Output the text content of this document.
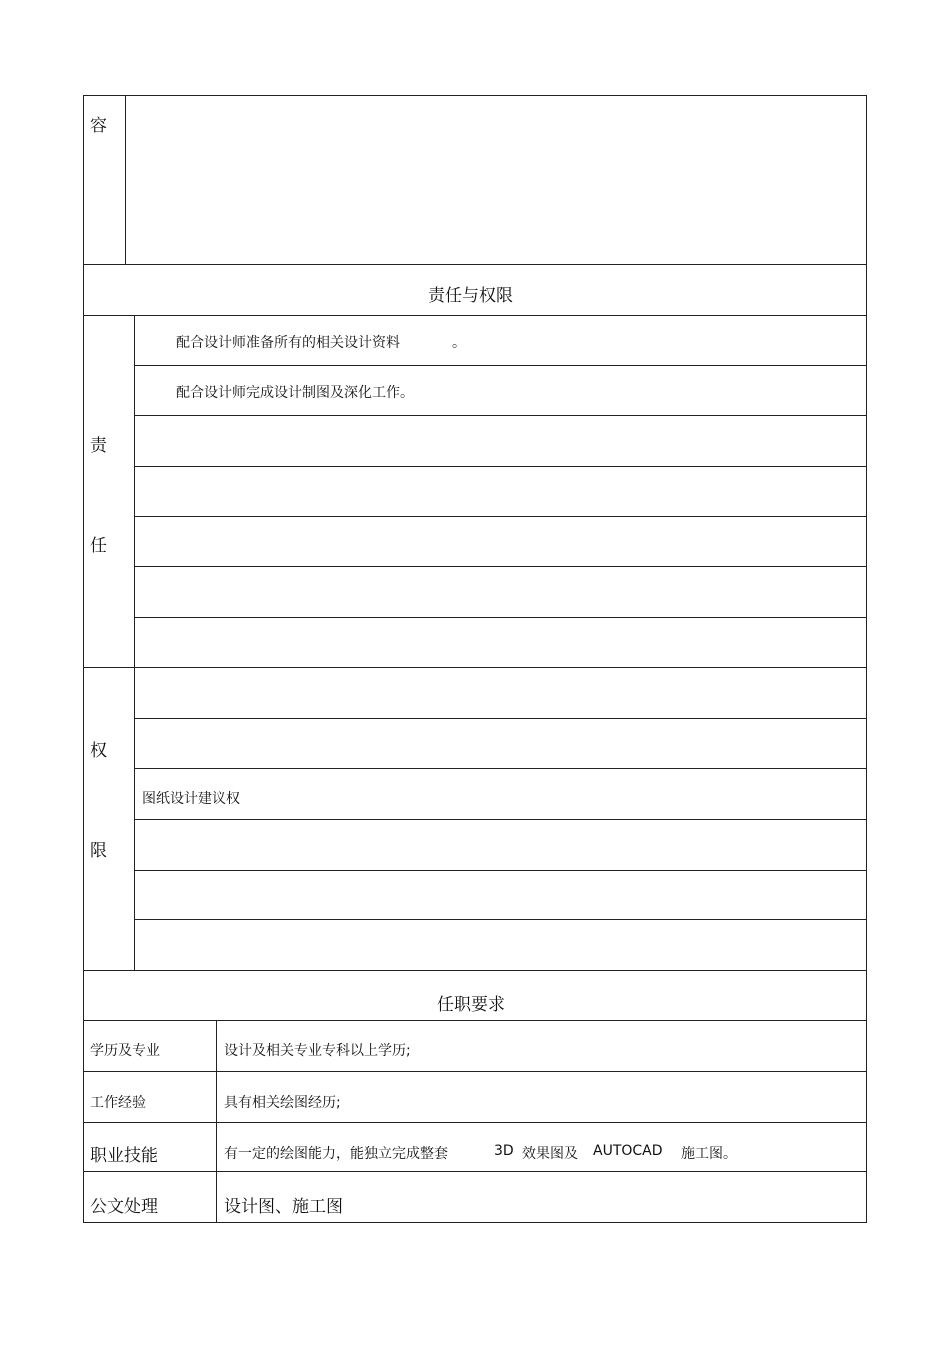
容
责任与权限
责
任
配合设计师准备所有的相关设计资料	。
配合设计师完成设计制图及深化工作。
权
限
图纸设计建议权
任职要求
学历及专业	设计及相关专业专科以上学历;
工作经验	具有相关绘图经历;
职业技能	有一定的绘图能力，能独立完成整套	3D 效果图及 AUTOCAD 施工图。
公文处理	设计图、施工图
